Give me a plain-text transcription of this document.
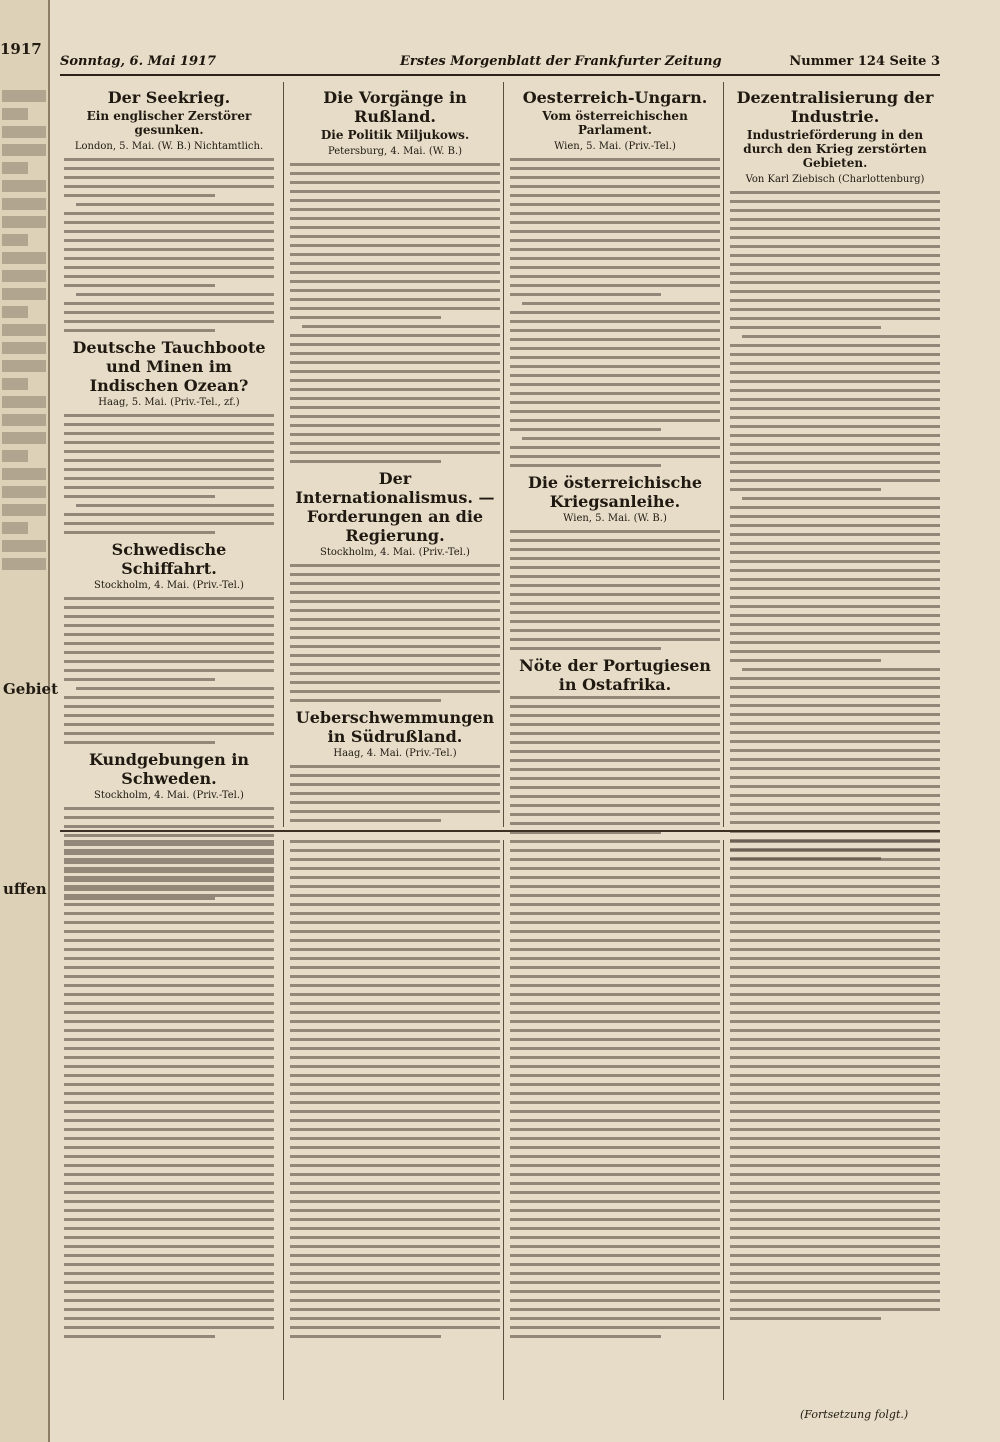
1917
Gebiet
uffen
Sonntag, 6. Mai 1917	Erstes Morgenblatt der Frankfurter Zeitung	Nummer 124 Seite 3
Der Seekrieg.
Ein englischer Zerstörer gesunken.
London, 5. Mai. (W. B.) Nichtamtlich.
Deutsche Tauchboote und Minen im Indischen Ozean?
Haag, 5. Mai. (Priv.-Tel., zf.)
Schwedische Schiffahrt.
Stockholm, 4. Mai. (Priv.-Tel.)
Kundgebungen in Schweden.
Stockholm, 4. Mai. (Priv.-Tel.)
Die Vorgänge in Rußland.
Die Politik Miljukows.
Petersburg, 4. Mai. (W. B.)
Der Internationalismus. — Forderungen an die Regierung.
Stockholm, 4. Mai. (Priv.-Tel.)
Ueberschwemmungen in Südrußland.
Haag, 4. Mai. (Priv.-Tel.)
Oesterreich-Ungarn.
Vom österreichischen Parlament.
Wien, 5. Mai. (Priv.-Tel.)
Die österreichische Kriegsanleihe.
Wien, 5. Mai. (W. B.)
Nöte der Portugiesen in Ostafrika.
Dezentralisierung der Industrie.
Industrieförderung in den durch den Krieg zerstörten Gebieten.
Von Karl Ziebisch (Charlottenburg)
(Fortsetzung folgt.)
